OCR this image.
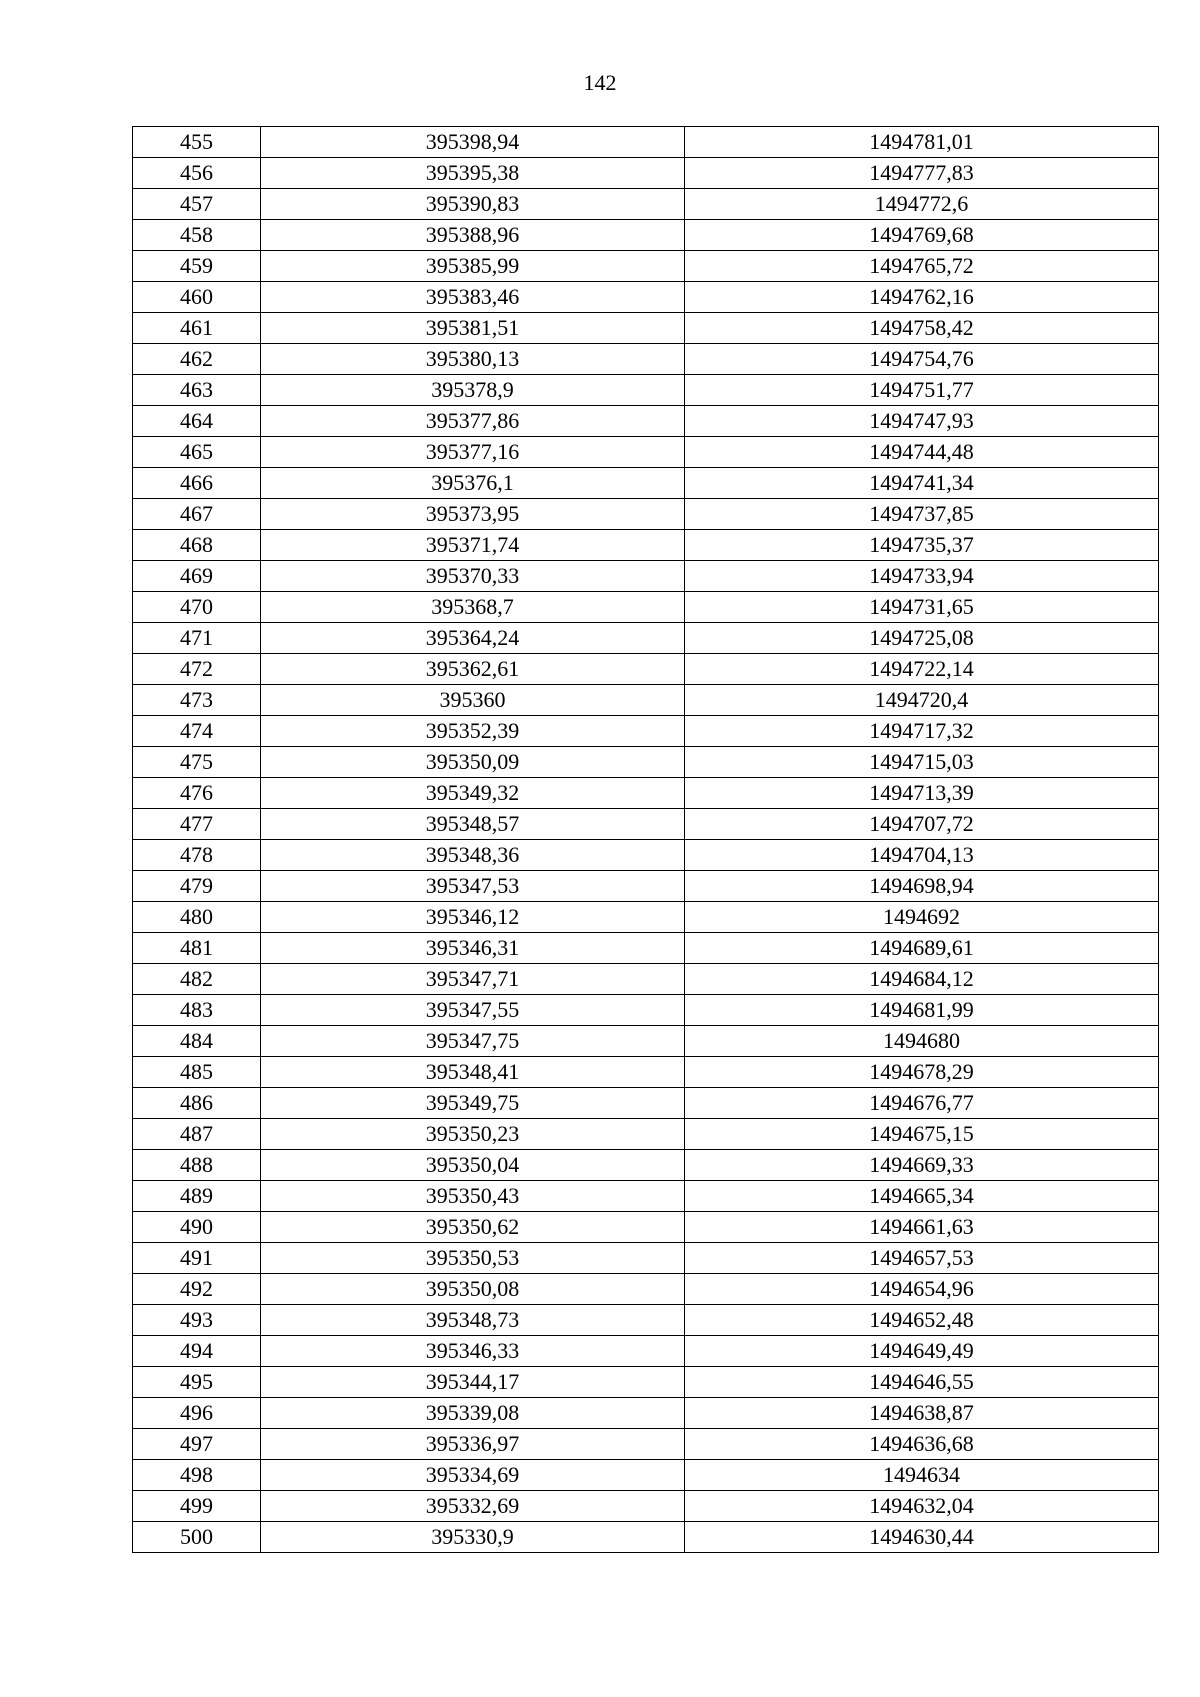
142
455	395398,94	1494781,01
456	395395,38	1494777,83
457	395390,83	1494772,6
458	395388,96	1494769,68
459	395385,99	1494765,72
460	395383,46	1494762,16
461	395381,51	1494758,42
462	395380,13	1494754,76
463	395378,9	1494751,77
464	395377,86	1494747,93
465	395377,16	1494744,48
466	395376,1	1494741,34
467	395373,95	1494737,85
468	395371,74	1494735,37
469	395370,33	1494733,94
470	395368,7	1494731,65
471	395364,24	1494725,08
472	395362,61	1494722,14
473	395360	1494720,4
474	395352,39	1494717,32
475	395350,09	1494715,03
476	395349,32	1494713,39
477	395348,57	1494707,72
478	395348,36	1494704,13
479	395347,53	1494698,94
480	395346,12	1494692
481	395346,31	1494689,61
482	395347,71	1494684,12
483	395347,55	1494681,99
484	395347,75	1494680
485	395348,41	1494678,29
486	395349,75	1494676,77
487	395350,23	1494675,15
488	395350,04	1494669,33
489	395350,43	1494665,34
490	395350,62	1494661,63
491	395350,53	1494657,53
492	395350,08	1494654,96
493	395348,73	1494652,48
494	395346,33	1494649,49
495	395344,17	1494646,55
496	395339,08	1494638,87
497	395336,97	1494636,68
498	395334,69	1494634
499	395332,69	1494632,04
500	395330,9	1494630,44
